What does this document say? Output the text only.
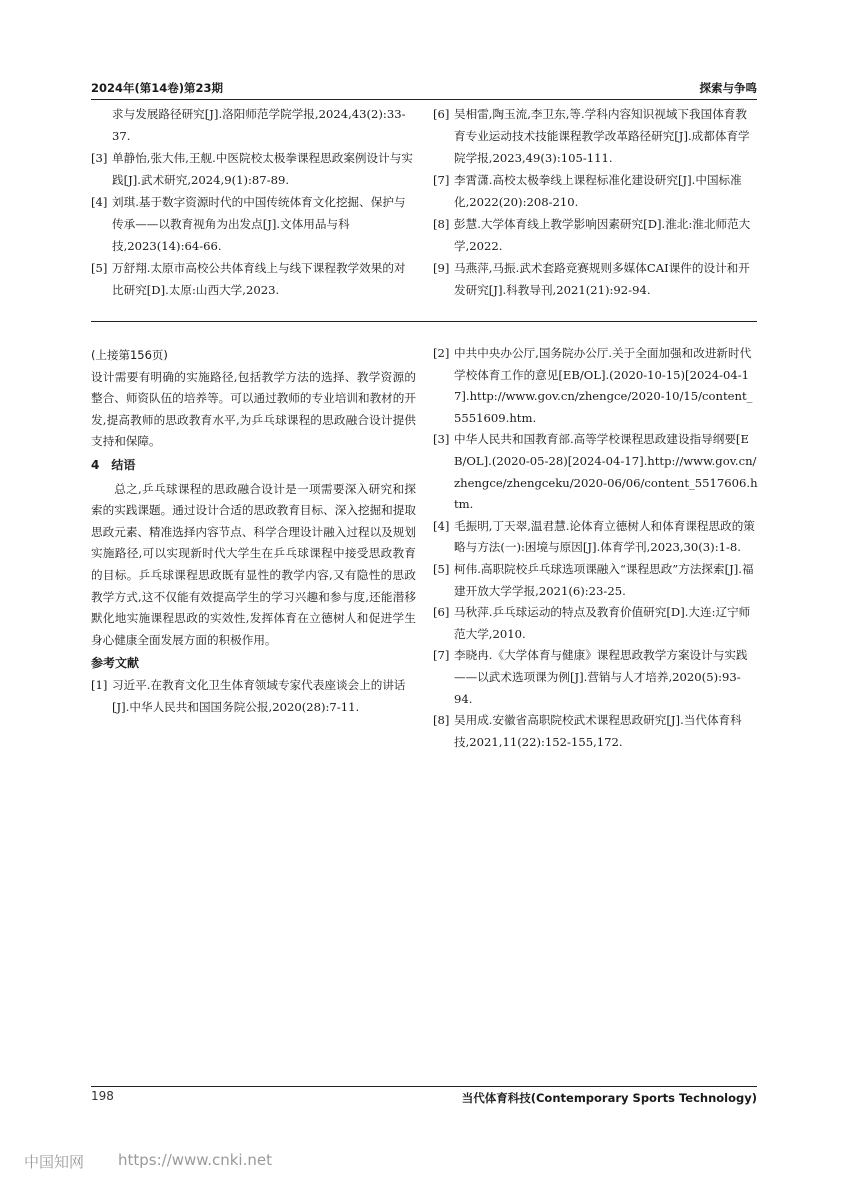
2024年(第14卷)第23期	探索与争鸣
求与发展路径研究[J].洛阳师范学院学报,2024,43(2):33-37.
[3] 单静怡,张大伟,王舰.中医院校太极拳课程思政案例设计与实践[J].武术研究,2024,9(1):87-89.
[4] 刘琪.基于数字资源时代的中国传统体育文化挖掘、保护与传承——以教育视角为出发点[J].文体用品与科技,2023(14):64-66.
[5] 万舒翔.太原市高校公共体育线上与线下课程教学效果的对比研究[D].太原:山西大学,2023.
[6] 吴相雷,陶玉流,李卫东,等.学科内容知识视域下我国体育教育专业运动技术技能课程教学改革路径研究[J].成都体育学院学报,2023,49(3):105-111.
[7] 李霄潇.高校太极拳线上课程标准化建设研究[J].中国标准化,2022(20):208-210.
[8] 彭慧.大学体育线上教学影响因素研究[D].淮北:淮北师范大学,2022.
[9] 马燕萍,马振.武术套路竞赛规则多媒体CAI课件的设计和开发研究[J].科教导刊,2021(21):92-94.
(上接第156页)
设计需要有明确的实施路径,包括教学方法的选择、教学资源的整合、师资队伍的培养等。可以通过教师的专业培训和教材的开发,提高教师的思政教育水平,为乒乓球课程的思政融合设计提供支持和保障。
4　结语
总之,乒乓球课程的思政融合设计是一项需要深入研究和探索的实践课题。通过设计合适的思政教育目标、深入挖掘和提取思政元素、精准选择内容节点、科学合理设计融入过程以及规划实施路径,可以实现新时代大学生在乒乓球课程中接受思政教育的目标。乒乓球课程思政既有显性的教学内容,又有隐性的思政教学方式,这不仅能有效提高学生的学习兴趣和参与度,还能潜移默化地实施课程思政的实效性,发挥体育在立德树人和促进学生身心健康全面发展方面的积极作用。
参考文献
[1] 习近平.在教育文化卫生体育领域专家代表座谈会上的讲话[J].中华人民共和国国务院公报,2020(28):7-11.
[2] 中共中央办公厅,国务院办公厅.关于全面加强和改进新时代学校体育工作的意见[EB/OL].(2020-10-15)[2024-04-17].http://www.gov.cn/zhengce/2020-10/15/content_5551609.htm.
[3] 中华人民共和国教育部.高等学校课程思政建设指导纲要[EB/OL].(2020-05-28)[2024-04-17].http://www.gov.cn/zhengce/zhengceku/2020-06/06/content_5517606.htm.
[4] 毛振明,丁天翠,温君慧.论体育立德树人和体育课程思政的策略与方法(一):困境与原因[J].体育学刊,2023,30(3):1-8.
[5] 柯伟.高职院校乒乓球选项课融入“课程思政”方法探索[J].福建开放大学学报,2021(6):23-25.
[6] 马秋萍.乒乓球运动的特点及教育价值研究[D].大连:辽宁师范大学,2010.
[7] 李晓冉.《大学体育与健康》课程思政教学方案设计与实践——以武术选项课为例[J].营销与人才培养,2020(5):93-94.
[8] 吴用成.安徽省高职院校武术课程思政研究[J].当代体育科技,2021,11(22):152-155,172.
198	当代体育科技(Contemporary Sports Technology)
中国知网 https://www.cnki.net
